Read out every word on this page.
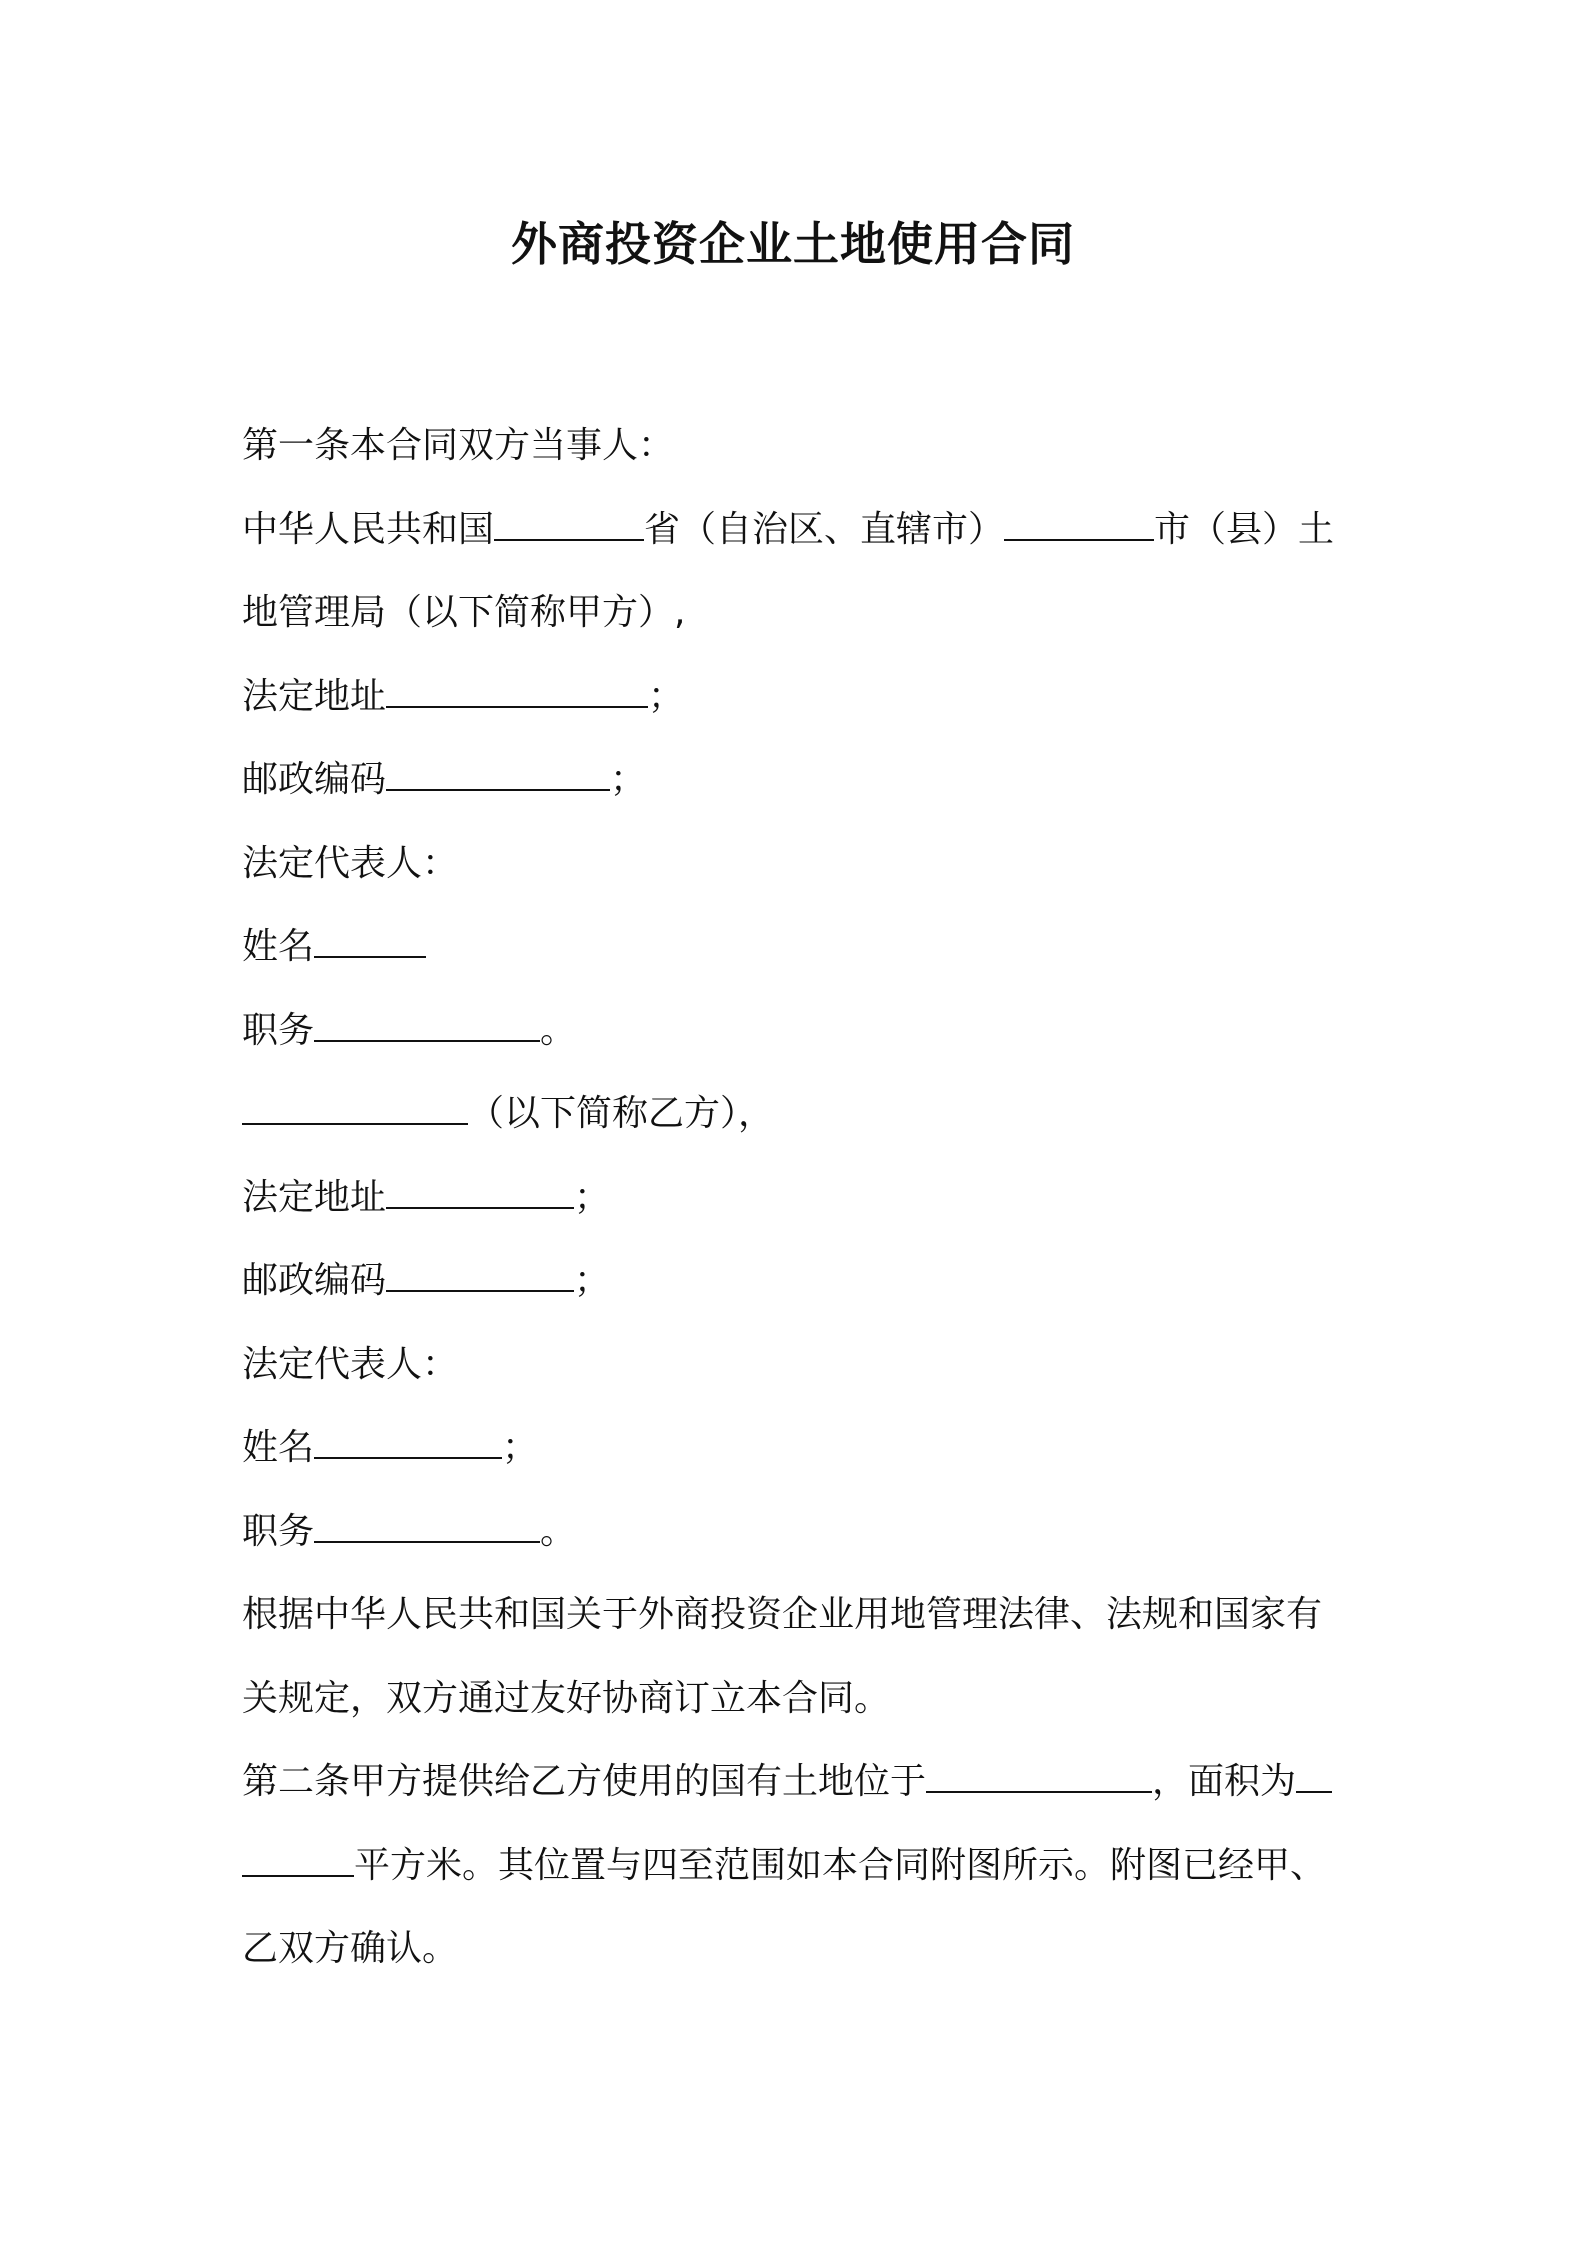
外商投资企业土地使用合同
第一条本合同双方当事人：
中华人民共和国	省（自治区、直辖市）	市（县）土
地管理局（以下简称甲方）,
法定地址	；
邮政编码	；
法定代表人：
姓名
职务	。
（以下简称乙方），
法定地址	；
邮政编码	；
法定代表人：
姓名	；
职务	。
根据中华人民共和国关于外商投资企业用地管理法律、法规和国家有
关规定，双方通过友好协商订立本合同。
第二条甲方提供给乙方使用的国有土地位于	，面积为
平方米。其位置与四至范围如本合同附图所示。附图已经甲、
乙双方确认。
